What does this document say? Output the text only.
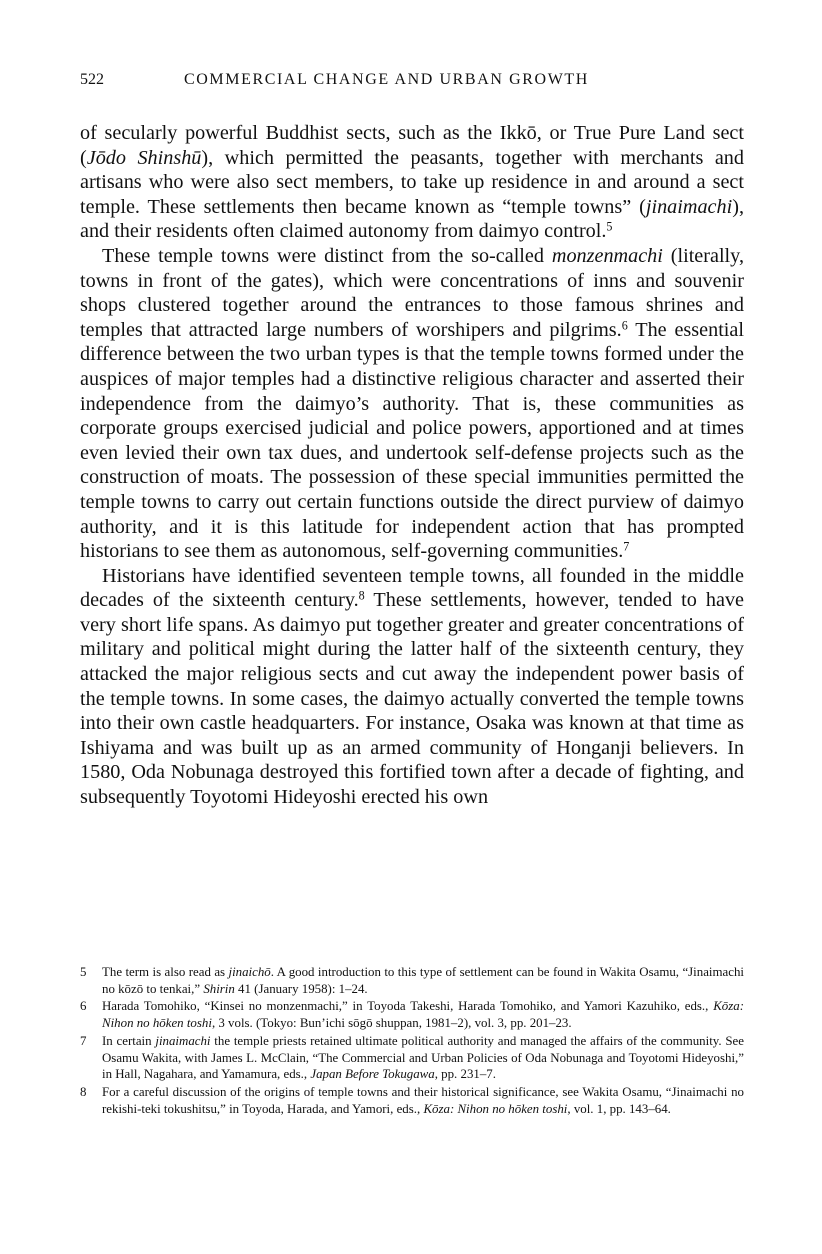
522	COMMERCIAL CHANGE AND URBAN GROWTH

of secularly powerful Buddhist sects, such as the Ikkō, or True Pure Land sect (Jōdo Shinshū), which permitted the peasants, together with merchants and artisans who were also sect members, to take up residence in and around a sect temple. These settlements then became known as “temple towns” (jinaimachi), and their residents often claimed autonomy from daimyo control.$^5$

These temple towns were distinct from the so-called monzenmachi (literally, towns in front of the gates), which were concentrations of inns and souvenir shops clustered together around the entrances to those famous shrines and temples that attracted large numbers of worshipers and pilgrims.$^6$ The essential difference between the two urban types is that the temple towns formed under the auspices of major temples had a distinctive religious character and asserted their independence from the daimyo’s authority. That is, these communities as corporate groups exercised judicial and police powers, apportioned and at times even levied their own tax dues, and undertook self-defense projects such as the construction of moats. The possession of these special immunities permitted the temple towns to carry out certain functions outside the direct purview of daimyo authority, and it is this latitude for independent action that has prompted historians to see them as autonomous, self-governing communities.$^7$

Historians have identified seventeen temple towns, all founded in the middle decades of the sixteenth century.$^8$ These settlements, however, tended to have very short life spans. As daimyo put together greater and greater concentrations of military and political might during the latter half of the sixteenth century, they attacked the major religious sects and cut away the independent power basis of the temple towns. In some cases, the daimyo actually converted the temple towns into their own castle headquarters. For instance, Osaka was known at that time as Ishiyama and was built up as an armed community of Honganji believers. In 1580, Oda Nobunaga destroyed this fortified town after a decade of fighting, and subsequently Toyotomi Hideyoshi erected his own

5 The term is also read as jinaichō. A good introduction to this type of settlement can be found in Wakita Osamu, “Jinaimachi no kōzō to tenkai,” Shirin 41 (January 1958): 1–24.
6 Harada Tomohiko, “Kinsei no monzenmachi,” in Toyoda Takeshi, Harada Tomohiko, and Yamori Kazuhiko, eds., Kōza: Nihon no hōken toshi, 3 vols. (Tokyo: Bun’ichi sōgō shuppan, 1981–2), vol. 3, pp. 201–23.
7 In certain jinaimachi the temple priests retained ultimate political authority and managed the affairs of the community. See Osamu Wakita, with James L. McClain, “The Commercial and Urban Policies of Oda Nobunaga and Toyotomi Hideyoshi,” in Hall, Nagahara, and Yamamura, eds., Japan Before Tokugawa, pp. 231–7.
8 For a careful discussion of the origins of temple towns and their historical significance, see Wakita Osamu, “Jinaimachi no rekishi-teki tokushitsu,” in Toyoda, Harada, and Yamori, eds., Kōza: Nihon no hōken toshi, vol. 1, pp. 143–64.
